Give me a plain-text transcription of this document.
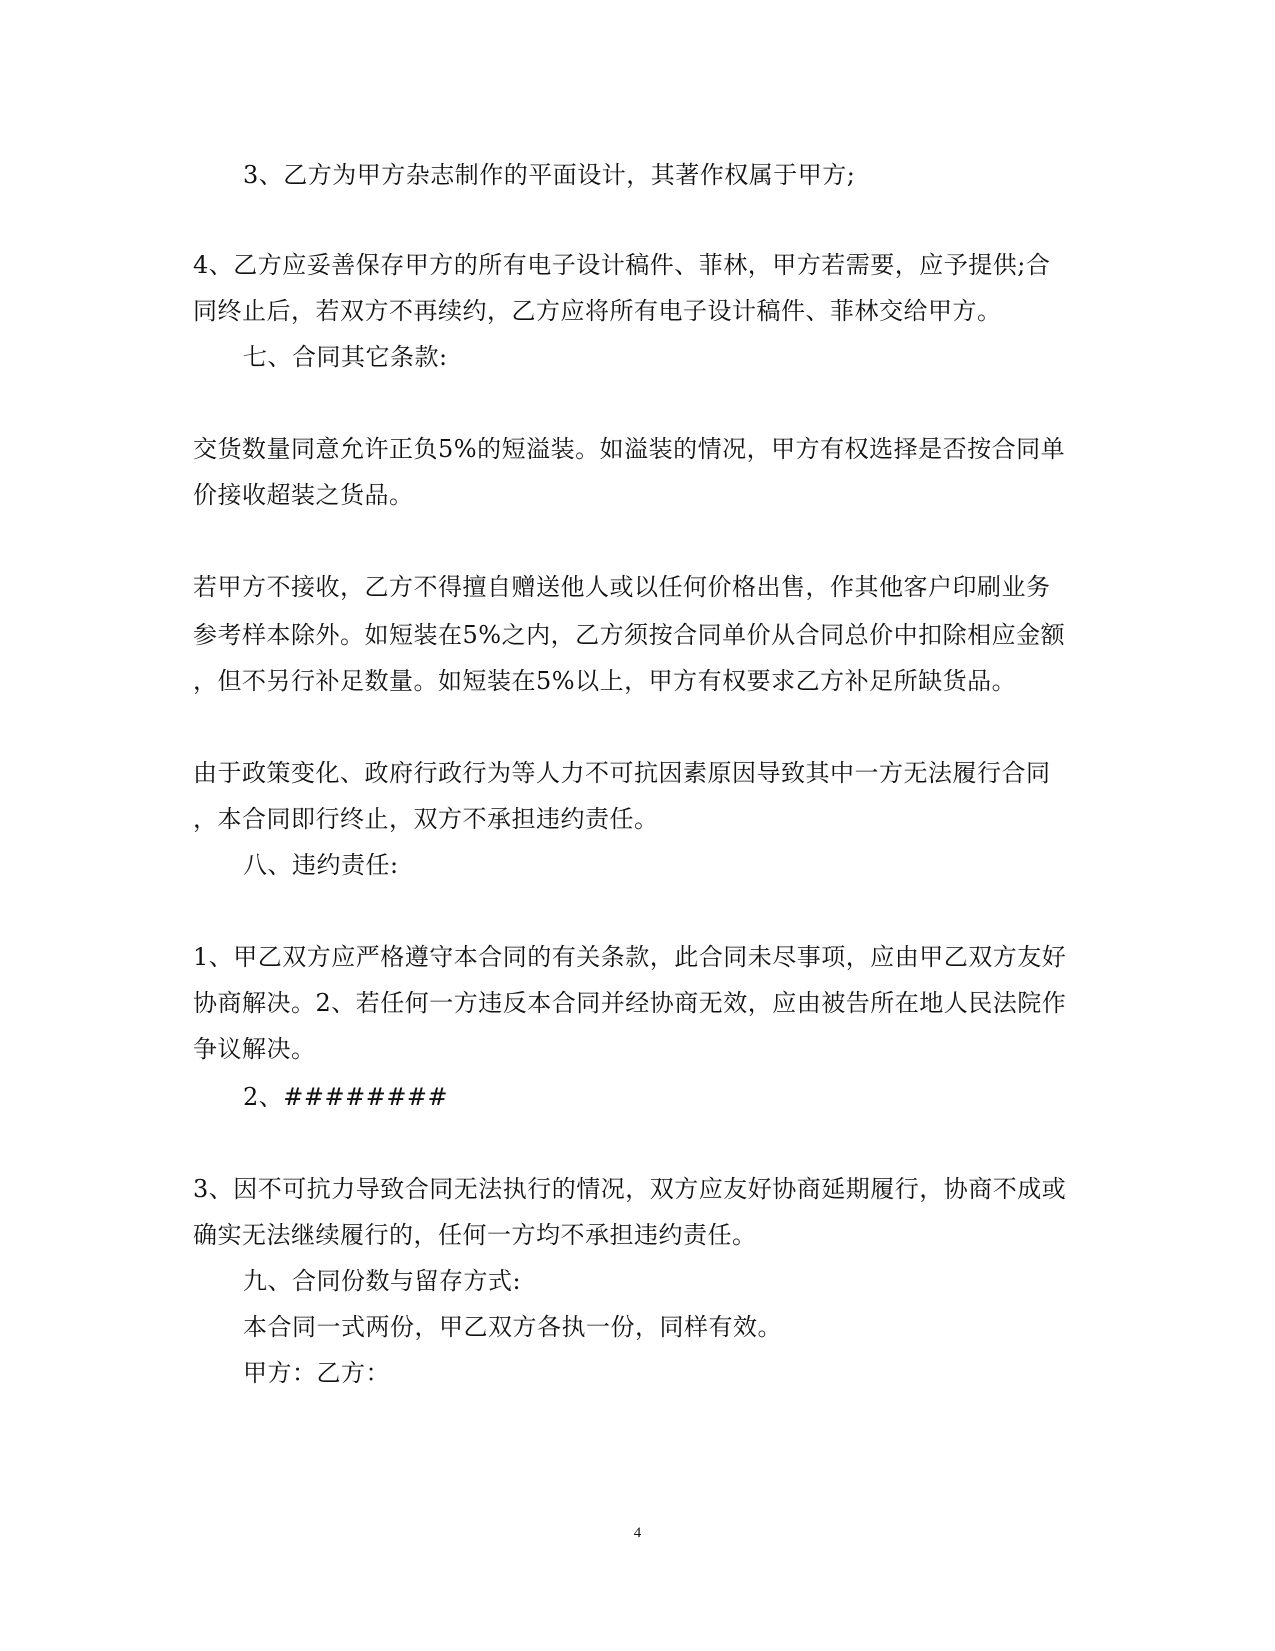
3、乙方为甲方杂志制作的平面设计，其著作权属于甲方;
4、乙方应妥善保存甲方的所有电子设计稿件、菲林，甲方若需要，应予提供;合
同终止后，若双方不再续约，乙方应将所有电子设计稿件、菲林交给甲方。
七、合同其它条款:
交货数量同意允许正负5%的短溢装。如溢装的情况，甲方有权选择是否按合同单
价接收超装之货品。
若甲方不接收，乙方不得擅自赠送他人或以任何价格出售，作其他客户印刷业务
参考样本除外。如短装在5%之内，乙方须按合同单价从合同总价中扣除相应金额
，但不另行补足数量。如短装在5%以上，甲方有权要求乙方补足所缺货品。
由于政策变化、政府行政行为等人力不可抗因素原因导致其中一方无法履行合同
，本合同即行终止，双方不承担违约责任。
八、违约责任:
1、甲乙双方应严格遵守本合同的有关条款，此合同未尽事项，应由甲乙双方友好
协商解决。2、若任何一方违反本合同并经协商无效，应由被告所在地人民法院作
争议解决。
2、########
3、因不可抗力导致合同无法执行的情况，双方应友好协商延期履行，协商不成或
确实无法继续履行的，任何一方均不承担违约责任。
九、合同份数与留存方式:
本合同一式两份，甲乙双方各执一份，同样有效。
甲方：乙方：
4
